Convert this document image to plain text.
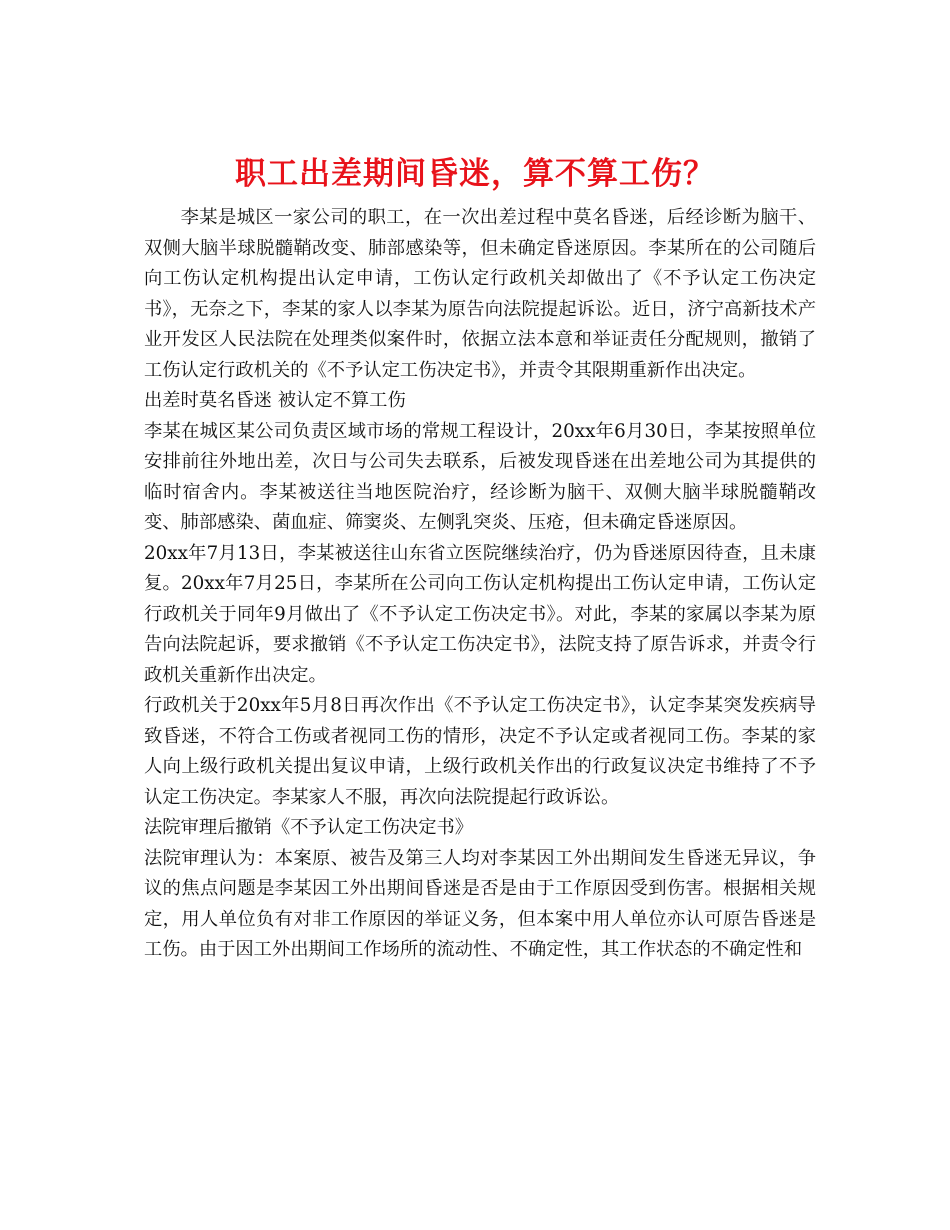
职工出差期间昏迷，算不算工伤？

李某是城区一家公司的职工，在一次出差过程中莫名昏迷，后经诊断为脑干、双侧大脑半球脱髓鞘改变、肺部感染等，但未确定昏迷原因。李某所在的公司随后向工伤认定机构提出认定申请，工伤认定行政机关却做出了《不予认定工伤决定书》，无奈之下，李某的家人以李某为原告向法院提起诉讼。近日，济宁高新技术产业开发区人民法院在处理类似案件时，依据立法本意和举证责任分配规则，撤销了工伤认定行政机关的《不予认定工伤决定书》，并责令其限期重新作出决定。

出差时莫名昏迷 被认定不算工伤

李某在城区某公司负责区域市场的常规工程设计，20xx年6月30日，李某按照单位安排前往外地出差，次日与公司失去联系，后被发现昏迷在出差地公司为其提供的临时宿舍内。李某被送往当地医院治疗，经诊断为脑干、双侧大脑半球脱髓鞘改变、肺部感染、菌血症、筛窦炎、左侧乳突炎、压疮，但未确定昏迷原因。

20xx年7月13日，李某被送往山东省立医院继续治疗，仍为昏迷原因待查，且未康复。20xx年7月25日，李某所在公司向工伤认定机构提出工伤认定申请，工伤认定行政机关于同年9月做出了《不予认定工伤决定书》。对此，李某的家属以李某为原告向法院起诉，要求撤销《不予认定工伤决定书》，法院支持了原告诉求，并责令行政机关重新作出决定。

行政机关于20xx年5月8日再次作出《不予认定工伤决定书》，认定李某突发疾病导致昏迷，不符合工伤或者视同工伤的情形，决定不予认定或者视同工伤。李某的家人向上级行政机关提出复议申请，上级行政机关作出的行政复议决定书维持了不予认定工伤决定。李某家人不服，再次向法院提起行政诉讼。

法院审理后撤销《不予认定工伤决定书》

法院审理认为：本案原、被告及第三人均对李某因工外出期间发生昏迷无异议，争议的焦点问题是李某因工外出期间昏迷是否是由于工作原因受到伤害。根据相关规定，用人单位负有对非工作原因的举证义务，但本案中用人单位亦认可原告昏迷是工伤。由于因工外出期间工作场所的流动性、不确定性，其工作状态的不确定性和
